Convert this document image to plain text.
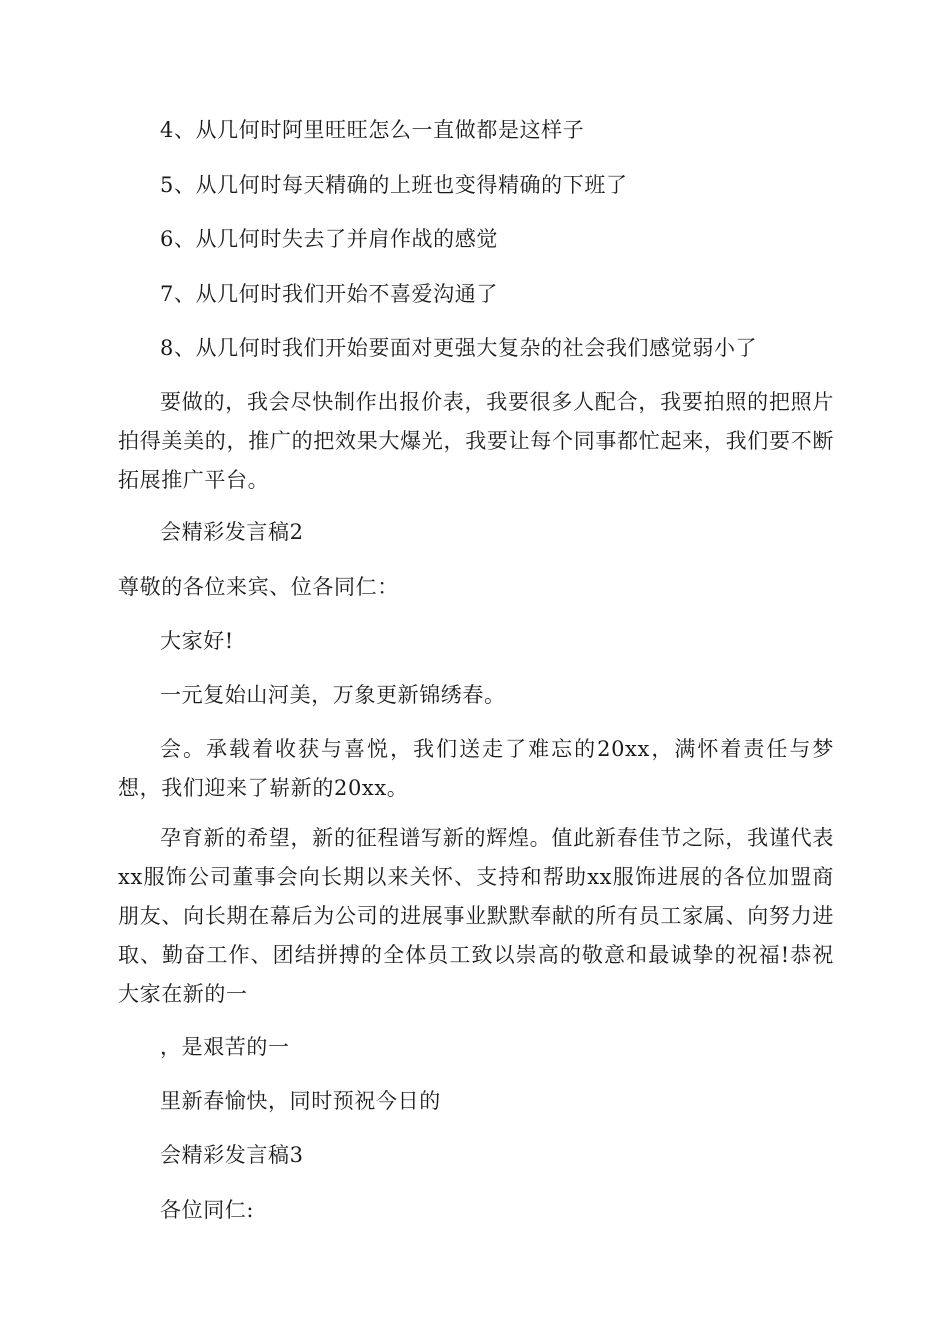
4、从几何时阿里旺旺怎么一直做都是这样子
5、从几何时每天精确的上班也变得精确的下班了
6、从几何时失去了并肩作战的感觉
7、从几何时我们开始不喜爱沟通了
8、从几何时我们开始要面对更强大复杂的社会我们感觉弱小了
要做的，我会尽快制作出报价表，我要很多人配合，我要拍照的把照片拍得美美的，推广的把效果大爆光，我要让每个同事都忙起来，我们要不断拓展推广平台。
会精彩发言稿2
尊敬的各位来宾、位各同仁：
大家好!
一元复始山河美，万象更新锦绣春。
会。承载着收获与喜悦，我们送走了难忘的20xx，满怀着责任与梦想，我们迎来了崭新的20xx。
孕育新的希望，新的征程谱写新的辉煌。值此新春佳节之际，我谨代表xx服饰公司董事会向长期以来关怀、支持和帮助xx服饰进展的各位加盟商朋友、向长期在幕后为公司的进展事业默默奉献的所有员工家属、向努力进取、勤奋工作、团结拼搏的全体员工致以崇高的敬意和最诚挚的祝福!恭祝大家在新的一
，是艰苦的一
里新春愉快，同时预祝今日的
会精彩发言稿3
各位同仁:
